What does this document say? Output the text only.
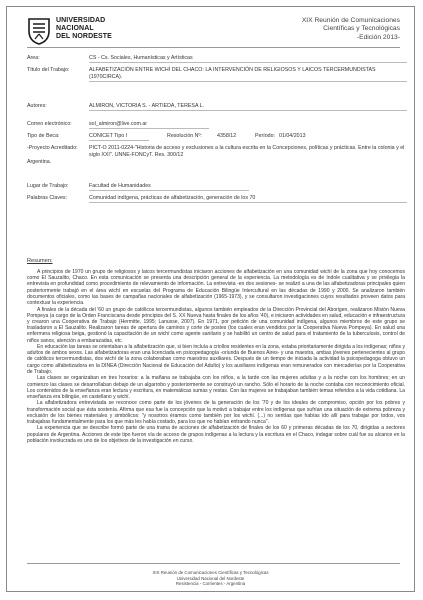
UNIVERSIDAD
NACIONAL
DEL NORDESTE
XIX Reunión de Comunicaciones
Científicas y Tecnológicas
-Edición 2013-
Area:	CS - Cs. Sociales, Humanísticas y Artísticas
Título del Trabajo:	ALFABETIZACIÓN ENTRE WICHÍ DEL CHACO: LA INTERVENCIÓN DE RELIGIOSOS Y LAICOS TERCERMUNDISTAS (1970CIRCA).
Autores:	ALMIRON, VICTORIA S. - ARTIEDA, TERESA L.
Correo electrónico:	sol_almiron@live.com.ar
Tipo de Beca:	CONICET Tipo I	Resolución Nº:	4358/12	Período: 01/04/2013
-Proyecto Acreditado:	PICT-O 2011-0224-"Historia de acceso y exclusiones a la cultura escrita en la Concepciones, políticas y prácticas. Entre la colonia y el siglo XXI". UNNE-FONCyT. Res. 300/12
Argentina.
Lugar de Trabajo:	Facultad de Humanidades
Palabras Claves:	Comunidad indígena, prácticas de alfabetización, generación de los 70
Resumen:

A principios de 1970 un grupo de religiosos y laicos tercermundistas iniciaron acciones de alfabetización en una comunidad wichí de la zona que hoy conocemos como El Sauzalito, Chaco. En esta comunicación se presenta una descripción general de la experiencia. La metodología es de índole cualitativa y se privilegia la entrevista en profundidad como procedimiento de relevamiento de información. La entrevista -en dos sesiones- se realizó a una de las alfabetizadoras principales quien posteriormente trabajó en el área wichí en escuelas del Programa de Educación Bilingüe Intercultural en las décadas de 1990 y 2000. Se analizaron también documentos oficiales, como las bases de campañas nacionales de alfabetización (1965-1973), y se consultaron investigaciones cuyos resultados proveen datos para contextuar la experiencia.

A finales de la década del '60 un grupo de católicos tercermundistas, algunos también empleados de la Dirección Provincial del Aborigen, realizaron Misión Nueva Pompeya (a cargo de la Orden Franciscana desde principios del S. XX Nueva hasta finales de los años '40), e iniciaron actividades en salud, educación e infraestructura y crearon una Cooperativa de Trabajo (Hermitte, 1995; Lanusse, 2007). En 1971, por petición de una comunidad indígena, algunos miembros de este grupo se trasladaron a El Sauzalito. Realizaron tareas de apertura de caminos y corte de postes (los cuales eran vendidos por la Cooperativa Nueva Pompeya). En salud una enfermera religiosa beiga, gestionó la capacitación de un wichí como agente sanitario y se habilitó un centro de salud para el tratamiento de la tuberculosis, control de niños sanos, atención a embarazadas, etc.

En educación las tareas se orientaban a la alfabetización que, si bien incluía a criollos residentes en la zona, estaba prioritariamente dirigida a los indígenas; niños y adultos de ambos sexos. Las alfabetizadoras eran una licenciada en psicopedagogía -oriunda de Buenos Aires- y una maestra, ambas jóvenes pertenecientes al grupo de católicos tercermundistas, dos wichí de la zona colaboraban como maestros auxiliares. Después de un tiempo de iniciada la actividad la psicopedagoga obtuvo un cargo como alfabetizadora en la DINEA (Dirección Nacional de Educación del Adulto) y los auxiliares indígenas eran remunerados con mercaderías por la Cooperativa de Trabajo.

Las clases se organizaban en tres horarios: a la mañana se trabajaba con los niños, a la tarde con las mujeres adultas y a la noche con los hombres; en un comienzo las clases se desarrollaban debajo de un algarrobo y posteriormente se construyó un rancho. Sólo el horario de la noche contaba con reconocimiento oficial. Los contenidos de la enseñanza eran lectura y escritura, en matemáticas sumas y restas. Con las mujeres se trabajaban también temas referidos a la vida cotidiana. La enseñanza era bilingüe, en castellano y wichí.

La alfabetizadora entrevistada se reconoce como parte de los jóvenes de la generación de los '70 y de los ideales de compromiso, opción por los pobres y transformación social que ésta sostenía. Afirma que esa fue la concepción que la motivó a trabajar entre los indígenas que sufrían una situación de extrema pobreza y exclusión de los bienes materiales y simbólicos: "y nosotros éramos como también por los wichí. (...) no sentías que habías ido allí para trabajar por todos, vos trabajabas fundamentalmente para los que más les había costado, para los que no habían entrando nunca".

La experiencia que se describe formó parte de una trama de acciones de alfabetización de finales de los 60 y primeras décadas de los 70, dirigidas a sectores populares de Argentina. Acciones de este tipo fueron vía de acceso de grupos indígenas a la lectura y la escritura en el Chaco, indagar sobre cuál fue su alcance en la población involucrada es uno de los objetivos de la investigación en curso.

XIX Reunión de Comunicaciones Científicas y Tecnológicas
Universidad Nacional del Nordeste
Resistencia - Corrientes - Argentina
